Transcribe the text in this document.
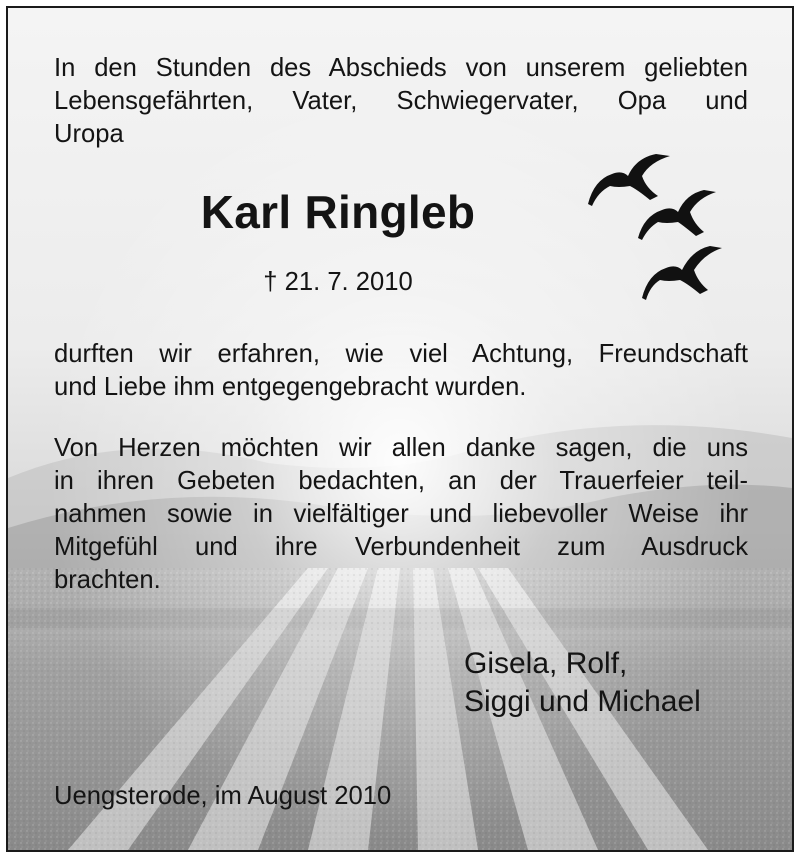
In den Stunden des Abschieds von unserem geliebten
Lebensgefährten, Vater, Schwiegervater, Opa und
Uropa

Karl Ringleb

† 21. 7. 2010

durften wir erfahren, wie viel Achtung, Freundschaft
und Liebe ihm entgegengebracht wurden.

Von Herzen möchten wir allen danke sagen, die uns
in ihren Gebeten bedachten, an der Trauerfeier teil-
nahmen sowie in vielfältiger und liebevoller Weise ihr
Mitgefühl und ihre Verbundenheit zum Ausdruck
brachten.

Gisela, Rolf,
Siggi und Michael

Uengsterode, im August 2010
